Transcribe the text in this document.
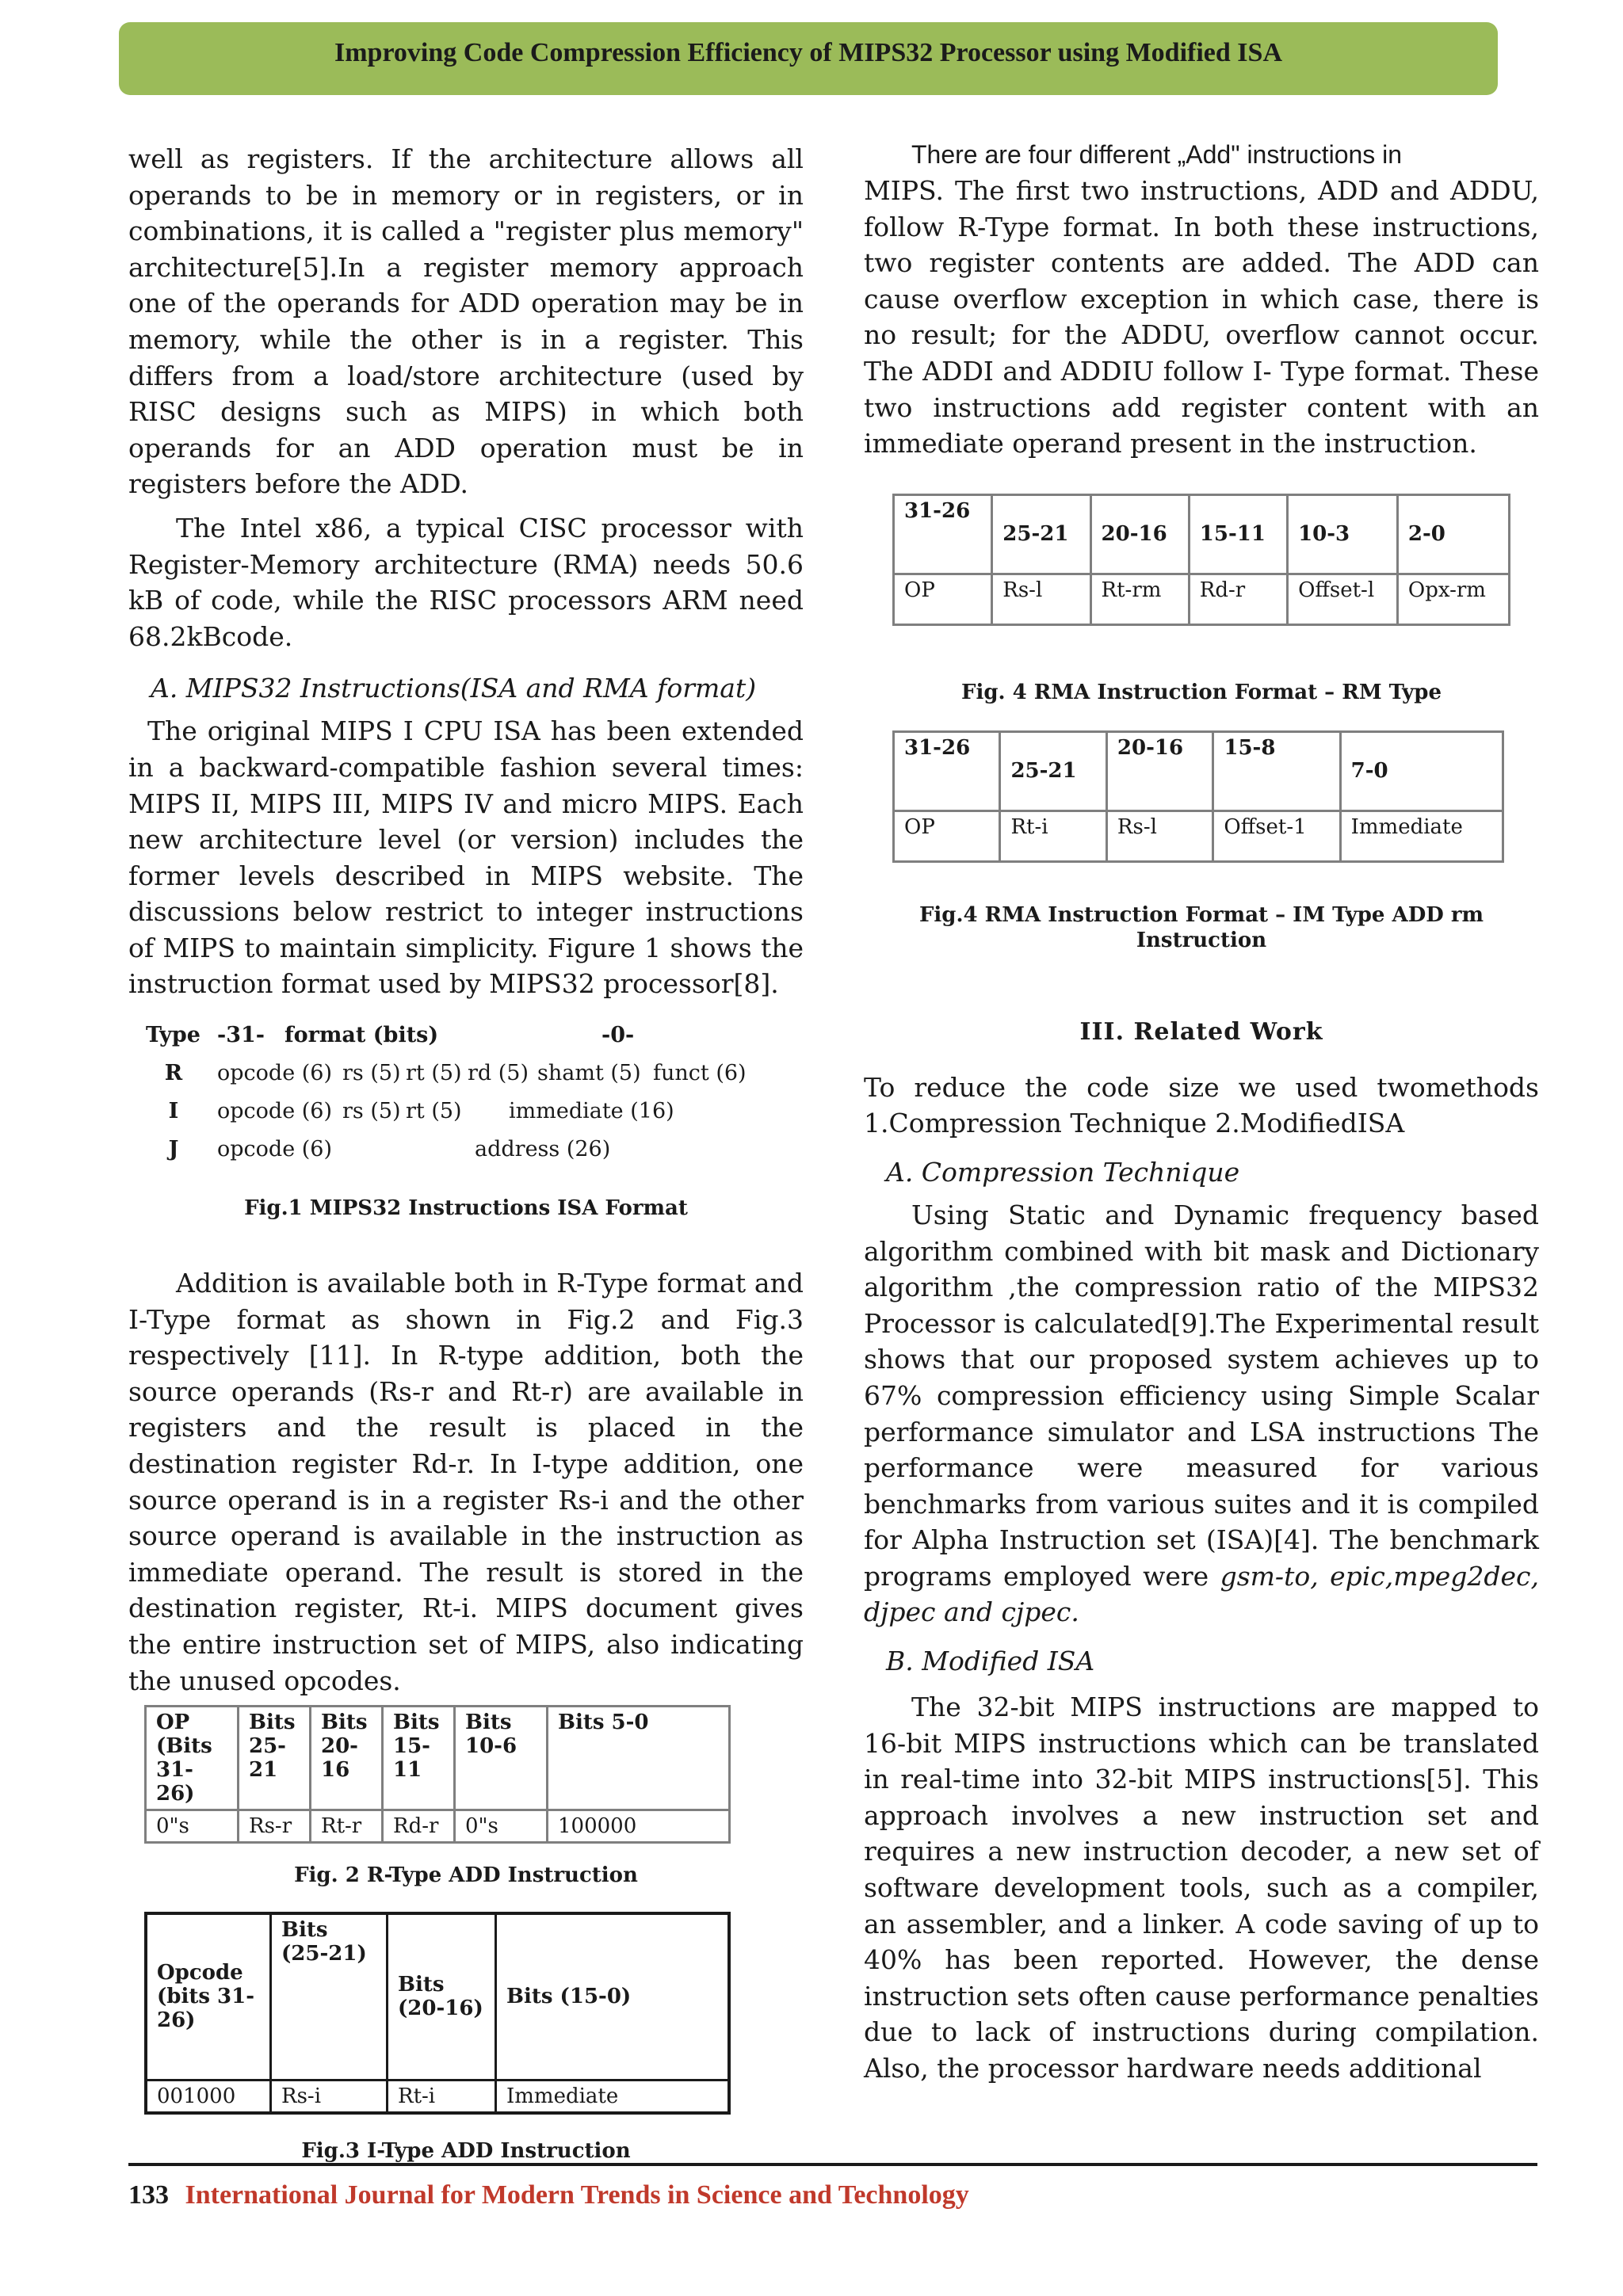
Improving Code Compression Efficiency of MIPS32 Processor using Modified ISA

well as registers. If the architecture allows all operands to be in memory or in registers, or in combinations, it is called a "register plus memory" architecture[5].In a register memory approach one of the operands for ADD operation may be in memory, while the other is in a register. This differs from a load/store architecture (used by RISC designs such as MIPS) in which both operands for an ADD operation must be in registers before the ADD.

The Intel x86, a typical CISC processor with Register-Memory architecture (RMA) needs 50.6 kB of code, while the RISC processors ARM need 68.2kBcode.

A. MIPS32 Instructions(ISA and RMA format)

The original MIPS I CPU ISA has been extended in a backward-compatible fashion several times: MIPS II, MIPS III, MIPS IV and micro MIPS. Each new architecture level (or version) includes the former levels described in MIPS website. The discussions below restrict to integer instructions of MIPS to maintain simplicity. Figure 1 shows the instruction format used by MIPS32 processor[8].

Type -31- format (bits)	-0-
R	opcode (6) rs (5) rt (5) rd (5) shamt (5) funct (6)
I	opcode (6) rs (5) rt (5)	immediate (16)
J	opcode (6)	address (26)
Fig.1 MIPS32 Instructions ISA Format

Addition is available both in R-Type format and I-Type format as shown in Fig.2 and Fig.3 respectively [11]. In R-type addition, both the source operands (Rs-r and Rt-r) are available in registers and the result is placed in the destination register Rd-r. In I-type addition, one source operand is in a register Rs-i and the other source operand is available in the instruction as immediate operand. The result is stored in the destination register, Rt-i. MIPS document gives the entire instruction set of MIPS, also indicating the unused opcodes.

OP (Bits 31-26)	Bits 25-21	Bits 20-16	Bits 15-11	Bits 10-6	Bits 5-0
0"s	Rs-r	Rt-r	Rd-r	0"s	100000
Fig. 2 R-Type ADD Instruction
Opcode (bits 31-26)	Bits (25-21)	Bits (20-16)	Bits (15-0)
001000	Rs-i	Rt-i	Immediate
Fig.3 I-Type ADD Instruction
There are four different „Add" instructions in

MIPS. The first two instructions, ADD and ADDU, follow R-Type format. In both these instructions, two register contents are added. The ADD can cause overflow exception in which case, there is no result; for the ADDU, overflow cannot occur. The ADDI and ADDIU follow I- Type format. These two instructions add register content with an immediate operand present in the instruction.

31-26	25-21	20-16	15-11	10-3	2-0
OP	Rs-l	Rt-rm	Rd-r	Offset-l	Opx-rm
Fig. 4 RMA Instruction Format – RM Type
31-26	25-21	20-16	15-8	7-0
OP	Rt-i	Rs-l	Offset-1	Immediate
Fig.4 RMA Instruction Format – IM Type ADD rm Instruction
III. Related Work

To reduce the code size we used twomethods 1.Compression Technique 2.ModifiedISA

A. Compression Technique

Using Static and Dynamic frequency based algorithm combined with bit mask and Dictionary algorithm ,the compression ratio of the MIPS32 Processor is calculated[9].The Experimental result shows that our proposed system achieves up to 67% compression efficiency using Simple Scalar performance simulator and LSA instructions The performance were measured for various benchmarks from various suites and it is compiled for Alpha Instruction set (ISA)[4]. The benchmark programs employed were gsm-to, epic,mpeg2dec, djpec and cjpec.

B. Modified ISA

The 32-bit MIPS instructions are mapped to 16-bit MIPS instructions which can be translated in real-time into 32-bit MIPS instructions[5]. This approach involves a new instruction set and requires a new instruction decoder, a new set of software development tools, such as a compiler, an assembler, and a linker. A code saving of up to 40% has been reported. However, the dense instruction sets often cause performance penalties due to lack of instructions during compilation. Also, the processor hardware needs additional

133 International Journal for Modern Trends in Science and Technology
